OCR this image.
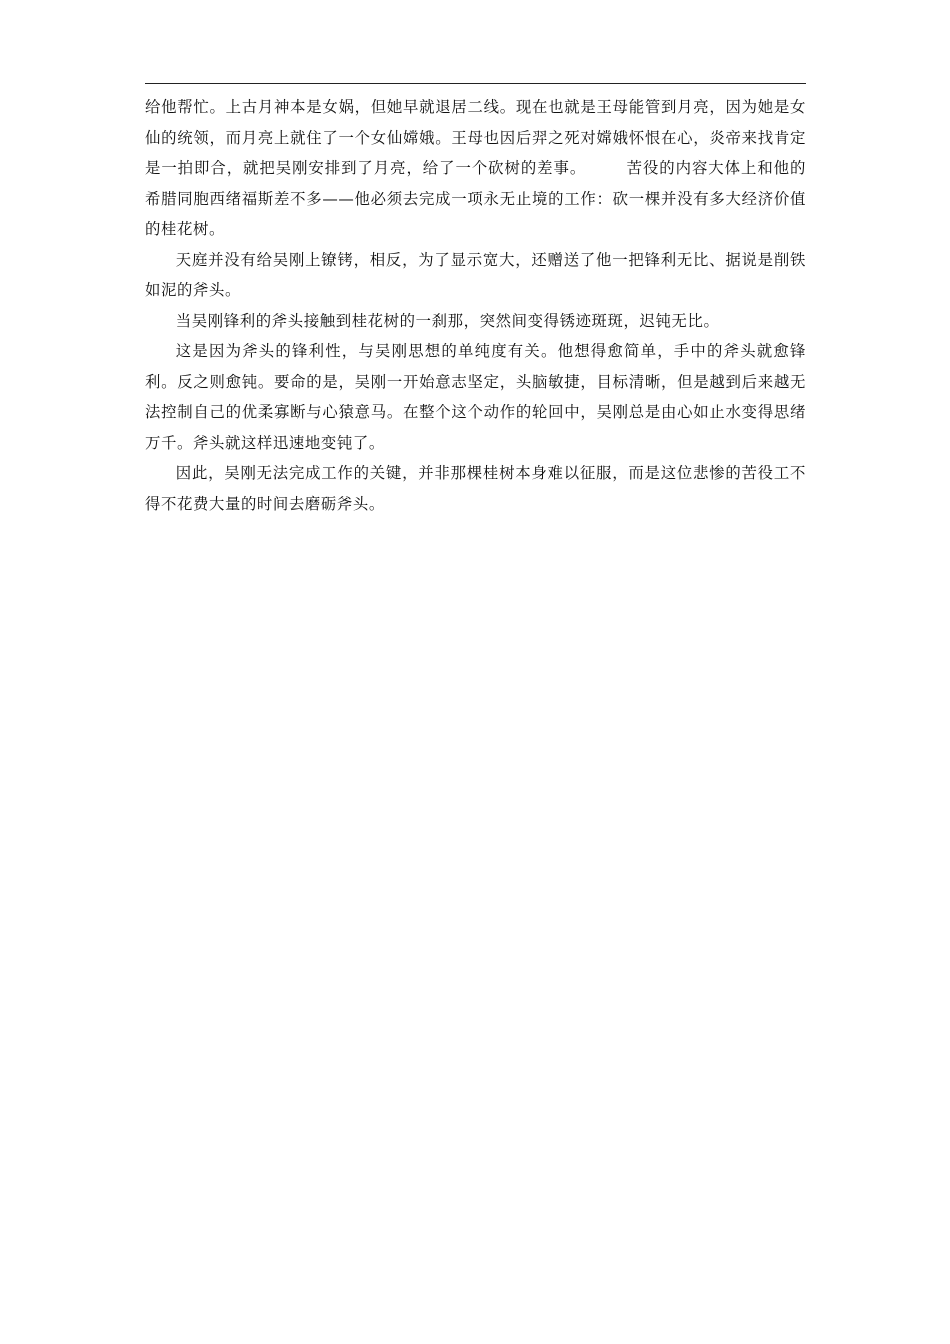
给他帮忙。上古月神本是女娲，但她早就退居二线。现在也就是王母能管到月亮，因为她是女仙的统领，而月亮上就住了一个女仙嫦娥。王母也因后羿之死对嫦娥怀恨在心，炎帝来找肯定是一拍即合，就把吴刚安排到了月亮，给了一个砍树的差事。	苦役的内容大体上和他的希腊同胞西绪福斯差不多——他必须去完成一项永无止境的工作：砍一棵并没有多大经济价值的桂花树。

天庭并没有给吴刚上镣铐，相反，为了显示宽大，还赠送了他一把锋利无比、据说是削铁如泥的斧头。

当吴刚锋利的斧头接触到桂花树的一刹那，突然间变得锈迹斑斑，迟钝无比。

这是因为斧头的锋利性，与吴刚思想的单纯度有关。他想得愈简单，手中的斧头就愈锋利。反之则愈钝。要命的是，吴刚一开始意志坚定，头脑敏捷，目标清晰，但是越到后来越无法控制自己的优柔寡断与心猿意马。在整个这个动作的轮回中，吴刚总是由心如止水变得思绪万千。斧头就这样迅速地变钝了。

因此，吴刚无法完成工作的关键，并非那棵桂树本身难以征服，而是这位悲惨的苦役工不得不花费大量的时间去磨砺斧头。
